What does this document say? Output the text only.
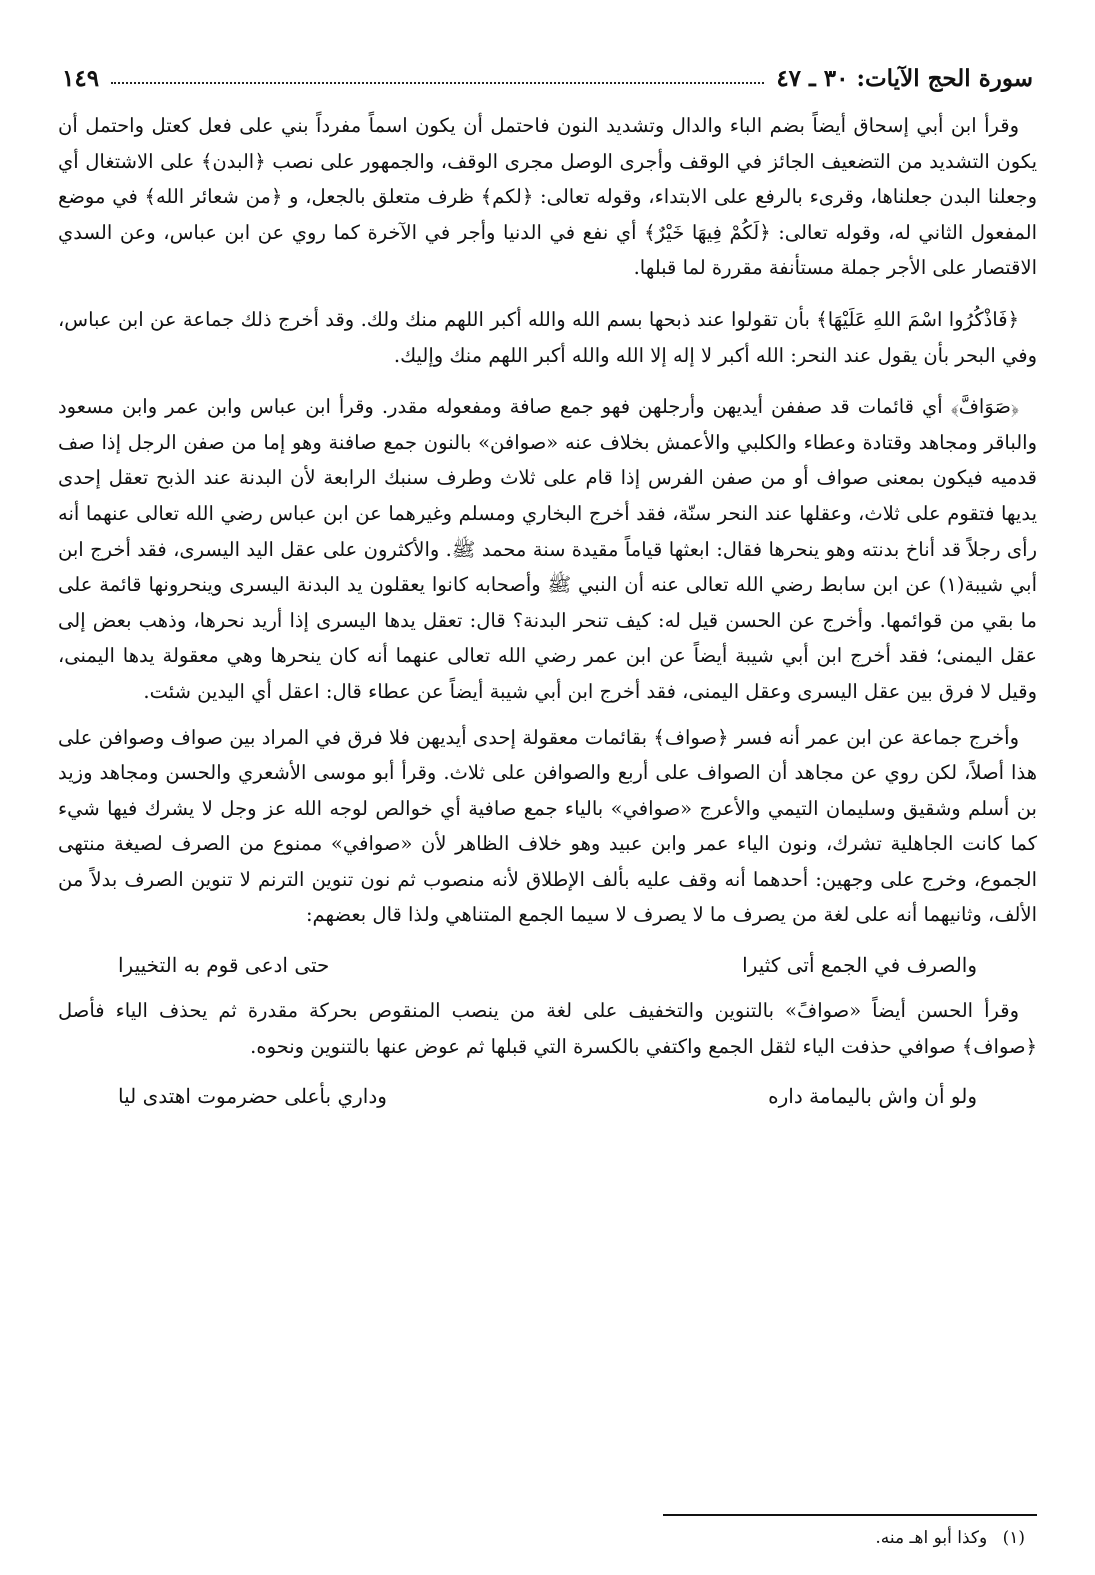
سورة الحج الآيات: ٣٠ ـ ٤٧
١٤٩

وقرأ ابن أبي إسحاق أيضاً بضم الباء والدال وتشديد النون فاحتمل أن يكون اسماً مفرداً بني على فعل كعتل واحتمل أن يكون التشديد من التضعيف الجائز في الوقف وأجرى الوصل مجرى الوقف، والجمهور على نصب ﴿البدن﴾ على الاشتغال أي وجعلنا البدن جعلناها، وقرىء بالرفع على الابتداء، وقوله تعالى: ﴿لكم﴾ ظرف متعلق بالجعل، و ﴿من شعائر الله﴾ في موضع المفعول الثاني له، وقوله تعالى: ﴿لَكُمْ فِيهَا خَيْرٌ﴾ أي نفع في الدنيا وأجر في الآخرة كما روي عن ابن عباس، وعن السدي الاقتصار على الأجر جملة مستأنفة مقررة لما قبلها.

﴿فَاذْكُرُوا اسْمَ اللهِ عَلَيْهَا﴾ بأن تقولوا عند ذبحها بسم الله والله أكبر اللهم منك ولك. وقد أخرج ذلك جماعة عن ابن عباس، وفي البحر بأن يقول عند النحر: الله أكبر لا إله إلا الله والله أكبر اللهم منك وإليك.

﴿صَوَافَّ﴾ أي قائمات قد صففن أيديهن وأرجلهن فهو جمع صافة ومفعوله مقدر. وقرأ ابن عباس وابن عمر وابن مسعود والباقر ومجاهد وقتادة وعطاء والكلبي والأعمش بخلاف عنه «صوافن» بالنون جمع صافنة وهو إما من صفن الرجل إذا صف قدميه فيكون بمعنى صواف أو من صفن الفرس إذا قام على ثلاث وطرف سنبك الرابعة لأن البدنة عند الذبح تعقل إحدى يديها فتقوم على ثلاث، وعقلها عند النحر سنّة، فقد أخرج البخاري ومسلم وغيرهما عن ابن عباس رضي الله تعالى عنهما أنه رأى رجلاً قد أناخ بدنته وهو ينحرها فقال: ابعثها قياماً مقيدة سنة محمد ﷺ. والأكثرون على عقل اليد اليسرى، فقد أخرج ابن أبي شيبة(١) عن ابن سابط رضي الله تعالى عنه أن النبي ﷺ وأصحابه كانوا يعقلون يد البدنة اليسرى وينحرونها قائمة على ما بقي من قوائمها. وأخرج عن الحسن قيل له: كيف تنحر البدنة؟ قال: تعقل يدها اليسرى إذا أريد نحرها، وذهب بعض إلى عقل اليمنى؛ فقد أخرج ابن أبي شيبة أيضاً عن ابن عمر رضي الله تعالى عنهما أنه كان ينحرها وهي معقولة يدها اليمنى، وقيل لا فرق بين عقل اليسرى وعقل اليمنى، فقد أخرج ابن أبي شيبة أيضاً عن عطاء قال: اعقل أي اليدين شئت.

وأخرج جماعة عن ابن عمر أنه فسر ﴿صواف﴾ بقائمات معقولة إحدى أيديهن فلا فرق في المراد بين صواف وصوافن على هذا أصلاً، لكن روي عن مجاهد أن الصواف على أربع والصوافن على ثلاث. وقرأ أبو موسى الأشعري والحسن ومجاهد وزيد بن أسلم وشقيق وسليمان التيمي والأعرج «صوافي» بالياء جمع صافية أي خوالص لوجه الله عز وجل لا يشرك فيها شيء كما كانت الجاهلية تشرك، ونون الياء عمر وابن عبيد وهو خلاف الظاهر لأن «صوافي» ممنوع من الصرف لصيغة منتهى الجموع، وخرج على وجهين: أحدهما أنه وقف عليه بألف الإطلاق لأنه منصوب ثم نون تنوين الترنم لا تنوين الصرف بدلاً من الألف، وثانيهما أنه على لغة من يصرف ما لا يصرف لا سيما الجمع المتناهي ولذا قال بعضهم:

والصرف في الجمع أتى كثيرا
حتى ادعى قوم به التخييرا

وقرأ الحسن أيضاً «صوافً» بالتنوين والتخفيف على لغة من ينصب المنقوص بحركة مقدرة ثم يحذف الياء فأصل ﴿صواف﴾ صوافي حذفت الياء لثقل الجمع واكتفي بالكسرة التي قبلها ثم عوض عنها بالتنوين ونحوه.

ولو أن واش باليمامة داره
وداري بأعلى حضرموت اهتدى ليا
(١) وكذا أبو اهـ منه.
